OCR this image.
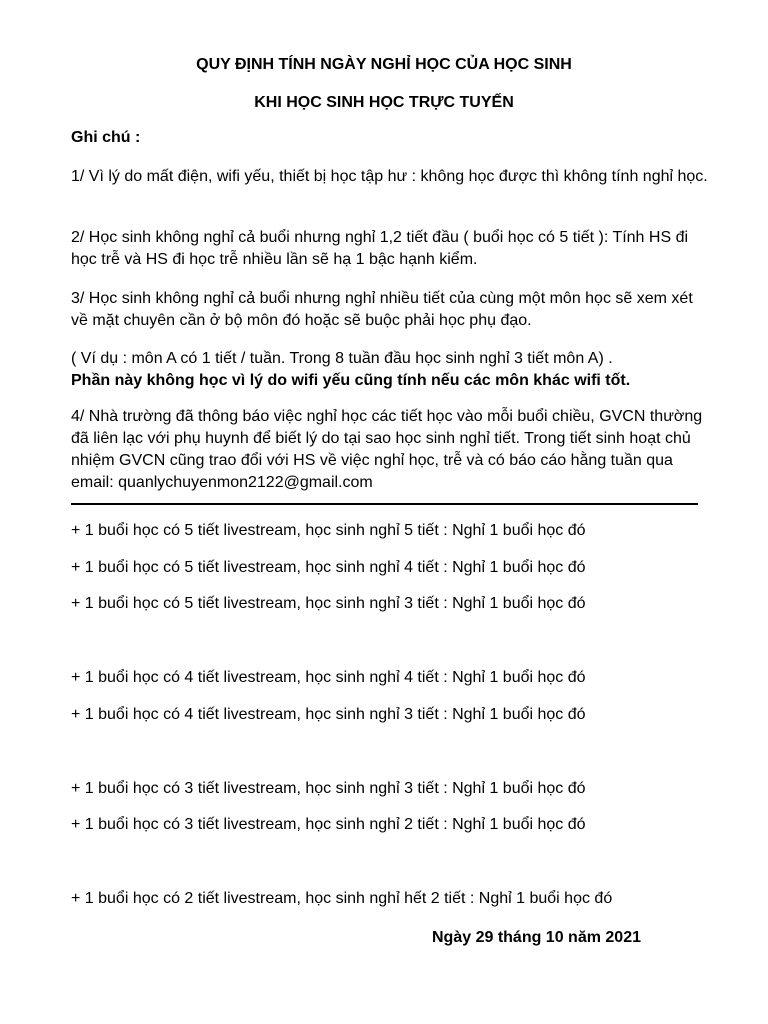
QUY ĐỊNH TÍNH NGÀY NGHỈ HỌC CỦA HỌC SINH

KHI HỌC SINH HỌC TRỰC TUYẾN

Ghi chú :

1/ Vì lý do mất điện, wifi yếu, thiết bị học tập hư : không học được thì không tính nghỉ học.

2/ Học sinh không nghỉ cả buổi nhưng nghỉ 1,2 tiết đầu ( buổi học có 5 tiết ): Tính HS đi học trễ và HS đi học trễ nhiều lần sẽ hạ 1 bậc hạnh kiểm.

3/ Học sinh không nghỉ cả buổi nhưng nghỉ nhiều tiết của cùng một môn học sẽ xem xét về mặt chuyên cần ở bộ môn đó hoặc sẽ buộc phải học phụ đạo.

( Ví dụ : môn A có 1 tiết / tuần. Trong 8 tuần đầu học sinh nghỉ 3 tiết môn A) .
Phần này không học vì lý do wifi yếu cũng tính nếu các môn khác wifi tốt.

4/ Nhà trường đã thông báo việc nghỉ học các tiết học vào mỗi buổi chiều, GVCN thường đã liên lạc với phụ huynh để biết lý do tại sao học sinh nghỉ tiết. Trong tiết sinh hoạt chủ nhiệm GVCN cũng trao đổi với HS về việc nghỉ học, trễ và có báo cáo hằng tuần qua email: quanlychuyenmon2122@gmail.com

+ 1 buổi học có 5 tiết livestream, học sinh nghỉ 5 tiết : Nghỉ 1 buổi học đó

+ 1 buổi học có 5 tiết livestream, học sinh nghỉ 4 tiết : Nghỉ 1 buổi học đó

+ 1 buổi học có 5 tiết livestream, học sinh nghỉ 3 tiết : Nghỉ 1 buổi học đó

+ 1 buổi học có 4 tiết livestream, học sinh nghỉ 4 tiết : Nghỉ 1 buổi học đó

+ 1 buổi học có 4 tiết livestream, học sinh nghỉ 3 tiết : Nghỉ 1 buổi học đó

+ 1 buổi học có 3 tiết livestream, học sinh nghỉ 3 tiết : Nghỉ 1 buổi học đó

+ 1 buổi học có 3 tiết livestream, học sinh nghỉ 2 tiết : Nghỉ 1 buổi học đó

+ 1 buổi học có 2 tiết livestream, học sinh nghỉ hết 2 tiết : Nghỉ 1 buổi học đó

Ngày 29 tháng 10 năm 2021
